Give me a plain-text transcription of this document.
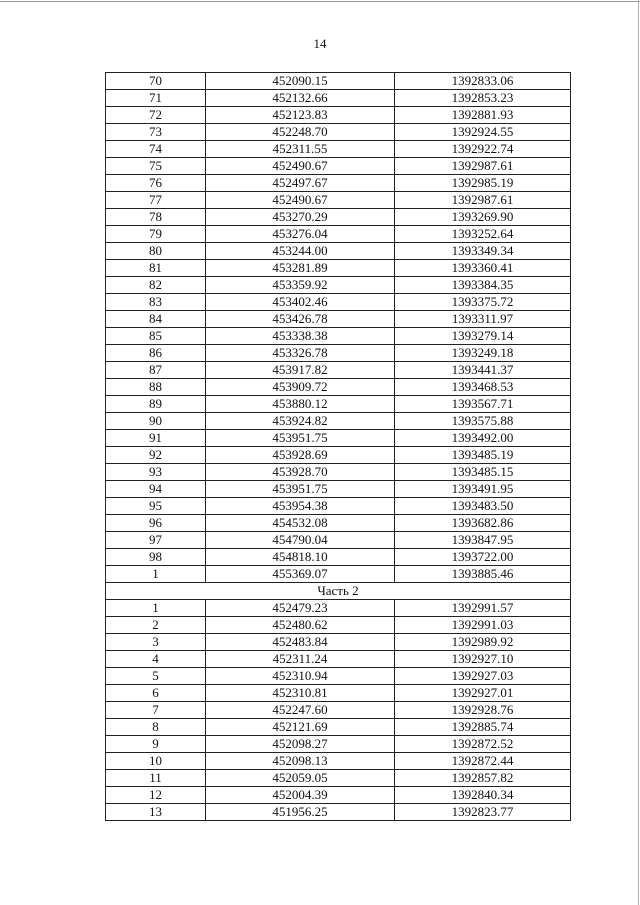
14
70	452090.15	1392833.06
71	452132.66	1392853.23
72	452123.83	1392881.93
73	452248.70	1392924.55
74	452311.55	1392922.74
75	452490.67	1392987.61
76	452497.67	1392985.19
77	452490.67	1392987.61
78	453270.29	1393269.90
79	453276.04	1393252.64
80	453244.00	1393349.34
81	453281.89	1393360.41
82	453359.92	1393384.35
83	453402.46	1393375.72
84	453426.78	1393311.97
85	453338.38	1393279.14
86	453326.78	1393249.18
87	453917.82	1393441.37
88	453909.72	1393468.53
89	453880.12	1393567.71
90	453924.82	1393575.88
91	453951.75	1393492.00
92	453928.69	1393485.19
93	453928.70	1393485.15
94	453951.75	1393491.95
95	453954.38	1393483.50
96	454532.08	1393682.86
97	454790.04	1393847.95
98	454818.10	1393722.00
1	455369.07	1393885.46
Часть 2		
1	452479.23	1392991.57
2	452480.62	1392991.03
3	452483.84	1392989.92
4	452311.24	1392927.10
5	452310.94	1392927.03
6	452310.81	1392927.01
7	452247.60	1392928.76
8	452121.69	1392885.74
9	452098.27	1392872.52
10	452098.13	1392872.44
11	452059.05	1392857.82
12	452004.39	1392840.34
13	451956.25	1392823.77
